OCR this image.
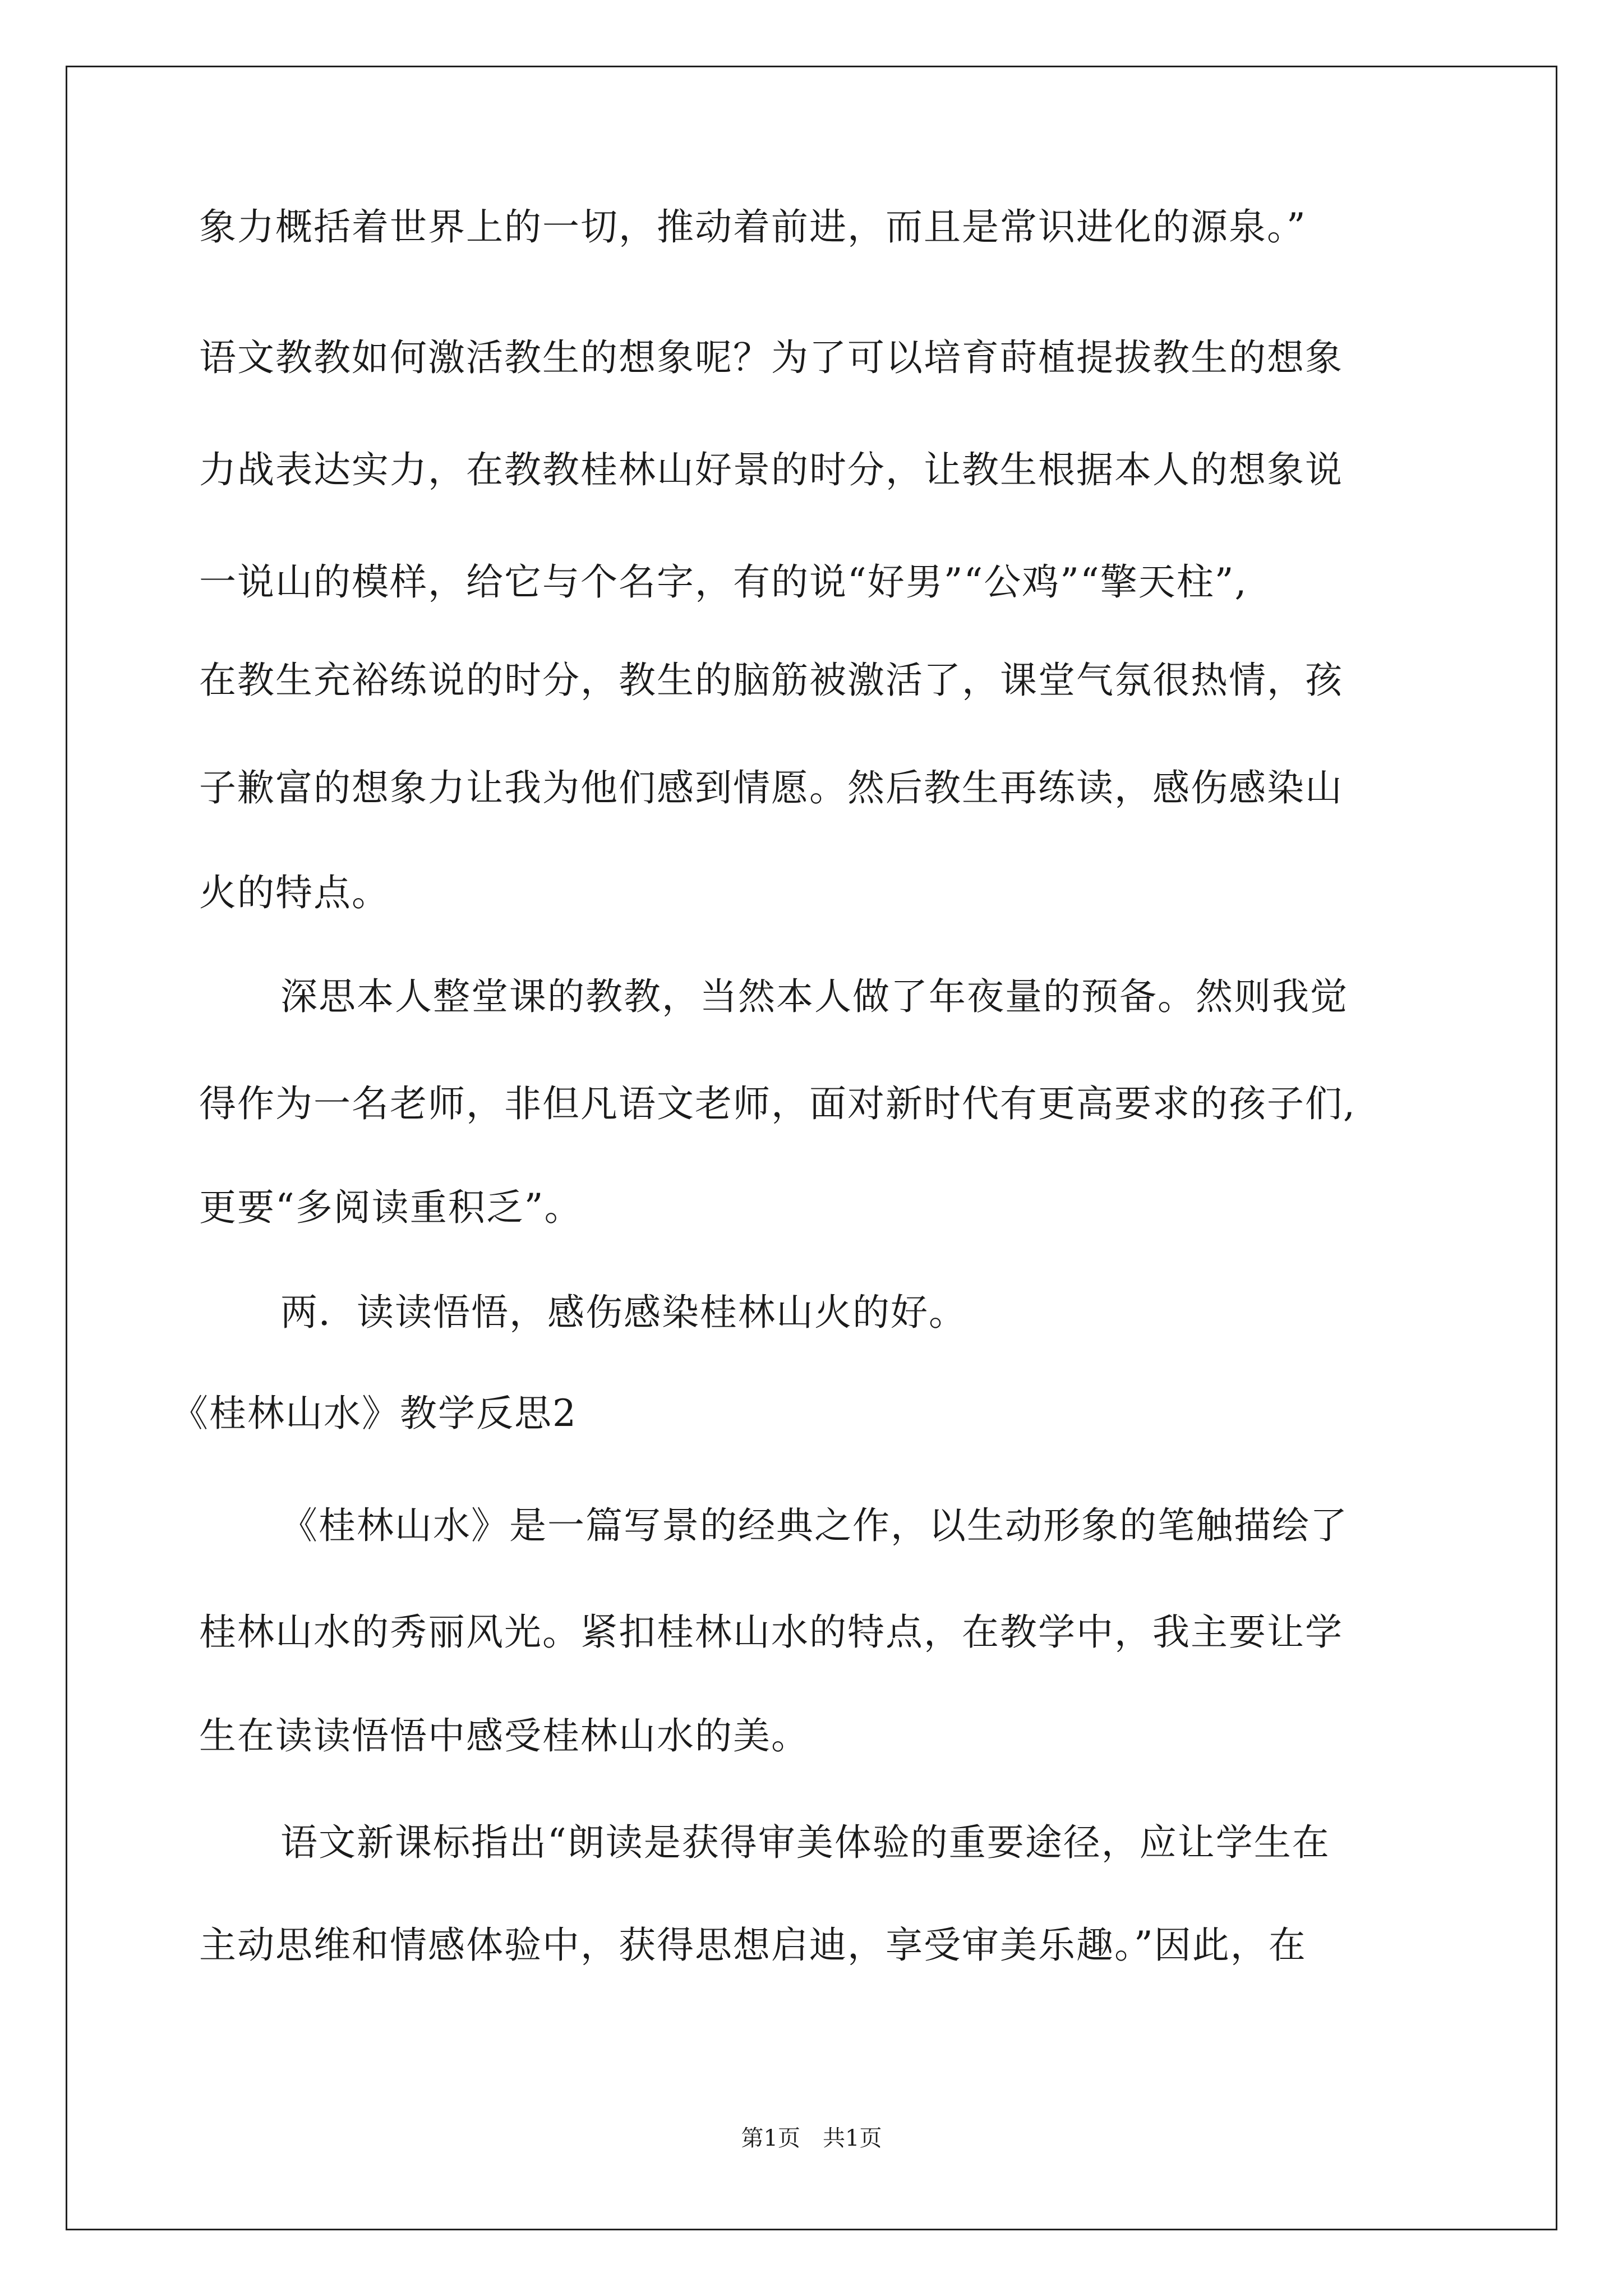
象力概括着世界上的一切，推动着前进，而且是常识进化的源泉。”
语文教教如何激活教生的想象呢？为了可以培育莳植提拔教生的想象
力战表达实力，在教教桂林山好景的时分，让教生根据本人的想象说
一说山的模样，给它与个名字，有的说“好男”“公鸡”“擎天柱”,
在教生充裕练说的时分，教生的脑筋被激活了，课堂气氛很热情，孩
子歉富的想象力让我为他们感到情愿。然后教生再练读，感伤感染山
火的特点。
深思本人整堂课的教教，当然本人做了年夜量的预备。然则我觉
得作为一名老师，非但凡语文老师，面对新时代有更高要求的孩子们,
更要“多阅读重积乏”。
两．读读悟悟，感伤感染桂林山火的好。
《桂林山水》教学反思2
《桂林山水》是一篇写景的经典之作，以生动形象的笔触描绘了
桂林山水的秀丽风光。紧扣桂林山水的特点，在教学中，我主要让学
生在读读悟悟中感受桂林山水的美。
语文新课标指出“朗读是获得审美体验的重要途径，应让学生在
主动思维和情感体验中，获得思想启迪，享受审美乐趣。”因此，在
第1页　共1页
